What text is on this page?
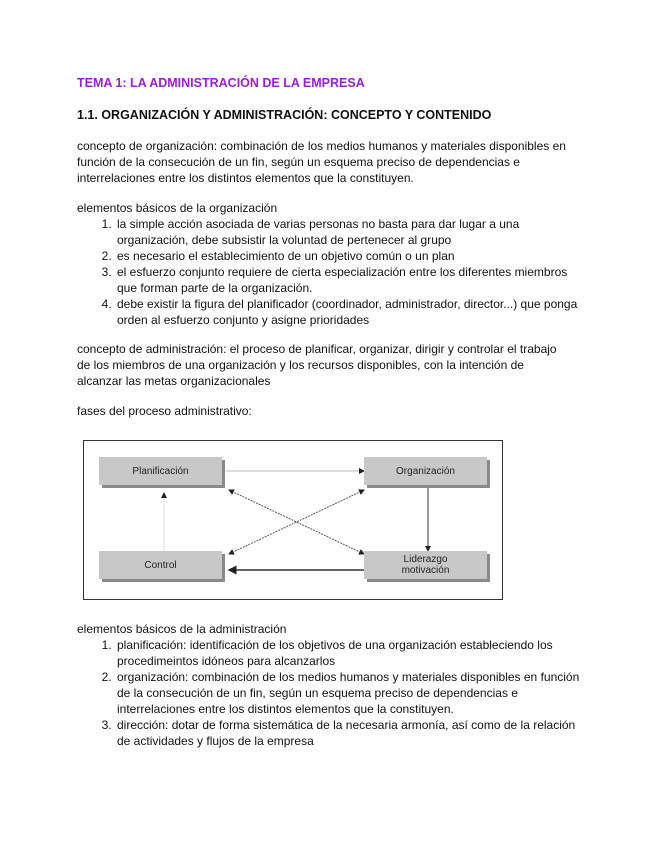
TEMA 1: LA ADMINISTRACIÓN DE LA EMPRESA
1.1. ORGANIZACIÓN Y ADMINISTRACIÓN: CONCEPTO Y CONTENIDO
concepto de organización: combinación de los medios humanos y materiales disponibles en función de la consecución de un fin, según un esquema preciso de dependencias e interrelaciones entre los distintos elementos que la constituyen.
elementos básicos de la organización
1. la simple acción asociada de varias personas no basta para dar lugar a una organización, debe subsistir la voluntad de pertenecer al grupo
2. es necesario el establecimiento de un objetivo común o un plan
3. el esfuerzo conjunto requiere de cierta especialización entre los diferentes miembros que forman parte de la organización.
4. debe existir la figura del planificador (coordinador, administrador, director...) que ponga orden al esfuerzo conjunto y asigne prioridades
concepto de administración: el proceso de planificar, organizar, dirigir y controlar el trabajo de los miembros de una organización y los recursos disponibles, con la intención de alcanzar las metas organizacionales
fases del proceso administrativo:
Planificación	Organización
Control	Liderazgo
motivación
elementos básicos de la administración
1. planificación: identificación de los objetivos de una organización estableciendo los procedimeintos idóneos para alcanzarlos
2. organización: combinación de los medios humanos y materiales disponibles en función de la consecución de un fin, según un esquema preciso de dependencias e interrelaciones entre los distintos elementos que la constituyen.
3. dirección: dotar de forma sistemática de la necesaria armonía, así como de la relación de actividades y flujos de la empresa
